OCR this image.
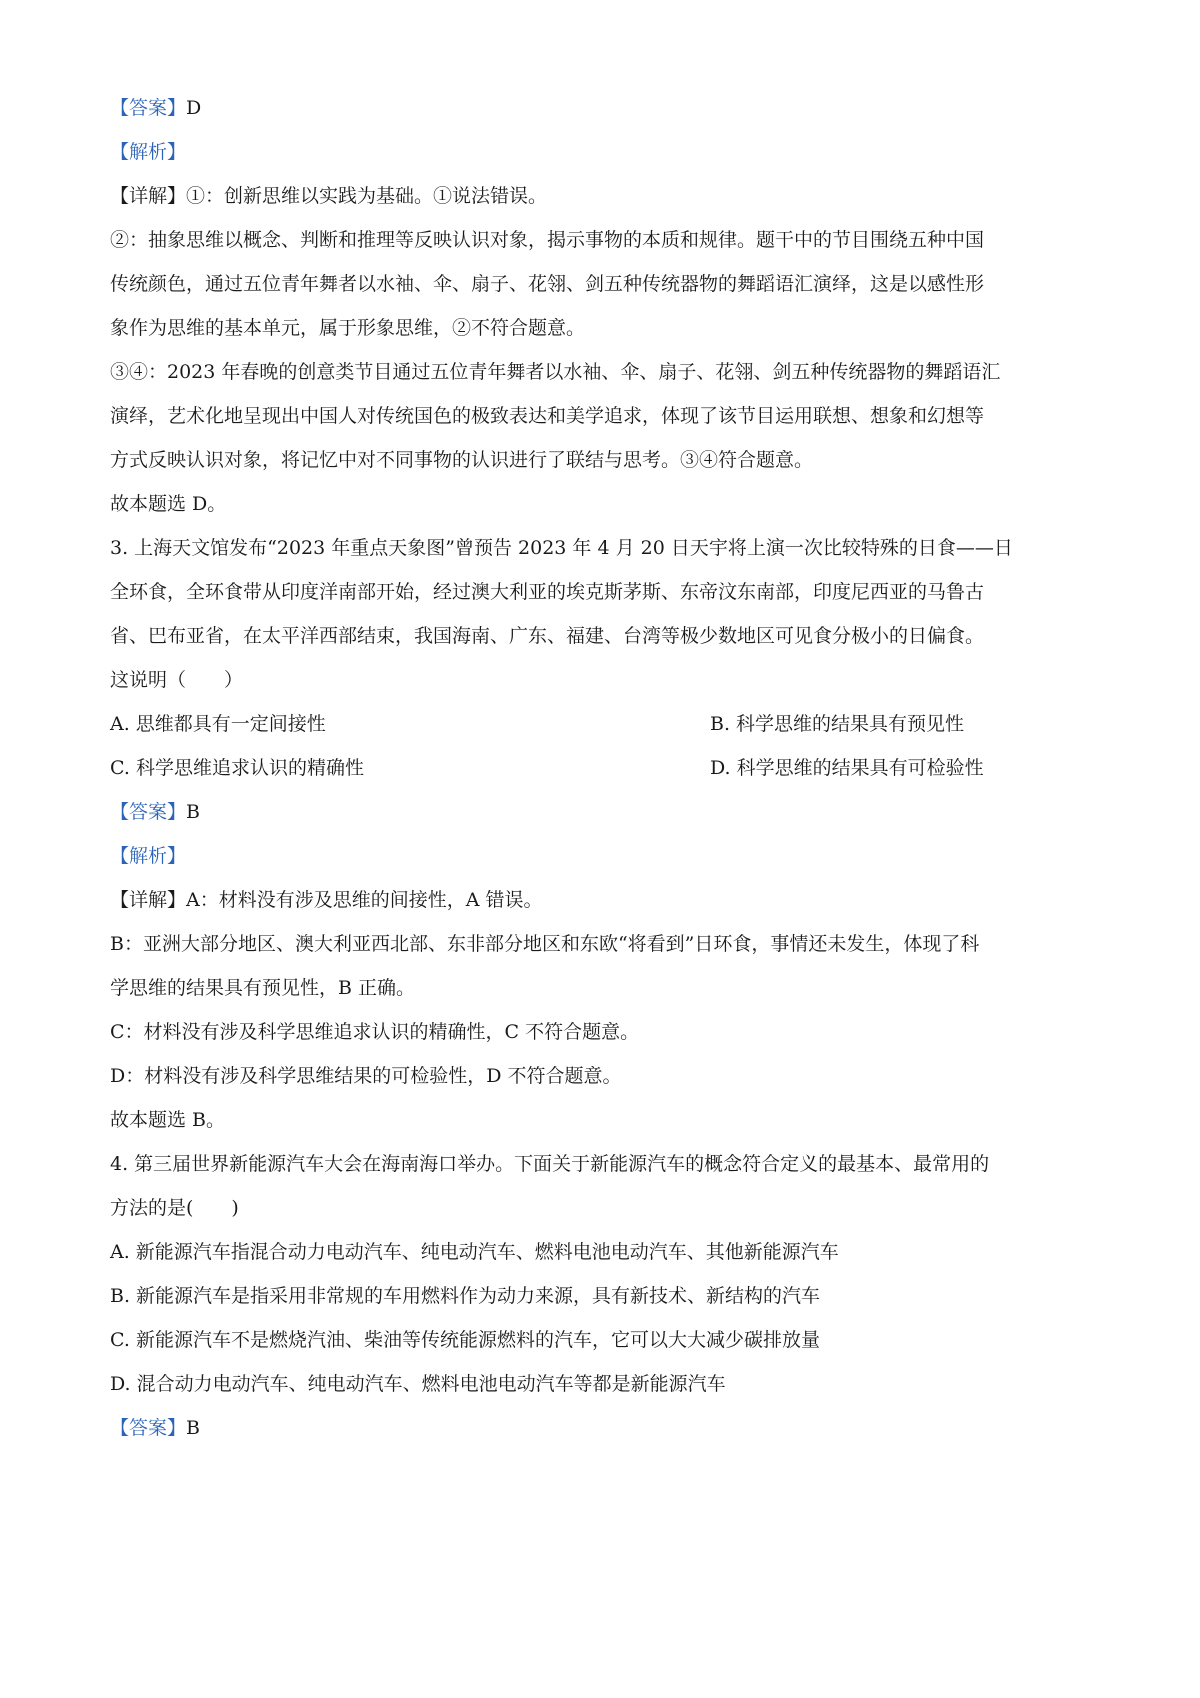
【答案】D
【解析】
【详解】①：创新思维以实践为基础。①说法错误。
②：抽象思维以概念、判断和推理等反映认识对象，揭示事物的本质和规律。题干中的节目围绕五种中国
传统颜色，通过五位青年舞者以水袖、伞、扇子、花翎、剑五种传统器物的舞蹈语汇演绎，这是以感性形
象作为思维的基本单元，属于形象思维，②不符合题意。
③④：2023 年春晚的创意类节目通过五位青年舞者以水袖、伞、扇子、花翎、剑五种传统器物的舞蹈语汇
演绎，艺术化地呈现出中国人对传统国色的极致表达和美学追求，体现了该节目运用联想、想象和幻想等
方式反映认识对象，将记忆中对不同事物的认识进行了联结与思考。③④符合题意。
故本题选 D。
3. 上海天文馆发布“2023 年重点天象图”曾预告 2023 年 4 月 20 日天宇将上演一次比较特殊的日食——日
全环食，全环食带从印度洋南部开始，经过澳大利亚的埃克斯茅斯、东帝汶东南部，印度尼西亚的马鲁古
省、巴布亚省，在太平洋西部结束，我国海南、广东、福建、台湾等极少数地区可见食分极小的日偏食。
这说明（　　）
A. 思维都具有一定间接性	B. 科学思维的结果具有预见性
C. 科学思维追求认识的精确性	D. 科学思维的结果具有可检验性
【答案】B
【解析】
【详解】A：材料没有涉及思维的间接性，A 错误。
B：亚洲大部分地区、澳大利亚西北部、东非部分地区和东欧“将看到”日环食，事情还未发生，体现了科
学思维的结果具有预见性，B 正确。
C：材料没有涉及科学思维追求认识的精确性，C 不符合题意。
D：材料没有涉及科学思维结果的可检验性，D 不符合题意。
故本题选 B。
4. 第三届世界新能源汽车大会在海南海口举办。下面关于新能源汽车的概念符合定义的最基本、最常用的
方法的是(　　)
A. 新能源汽车指混合动力电动汽车、纯电动汽车、燃料电池电动汽车、其他新能源汽车
B. 新能源汽车是指采用非常规的车用燃料作为动力来源，具有新技术、新结构的汽车
C. 新能源汽车不是燃烧汽油、柴油等传统能源燃料的汽车，它可以大大减少碳排放量
D. 混合动力电动汽车、纯电动汽车、燃料电池电动汽车等都是新能源汽车
【答案】B
